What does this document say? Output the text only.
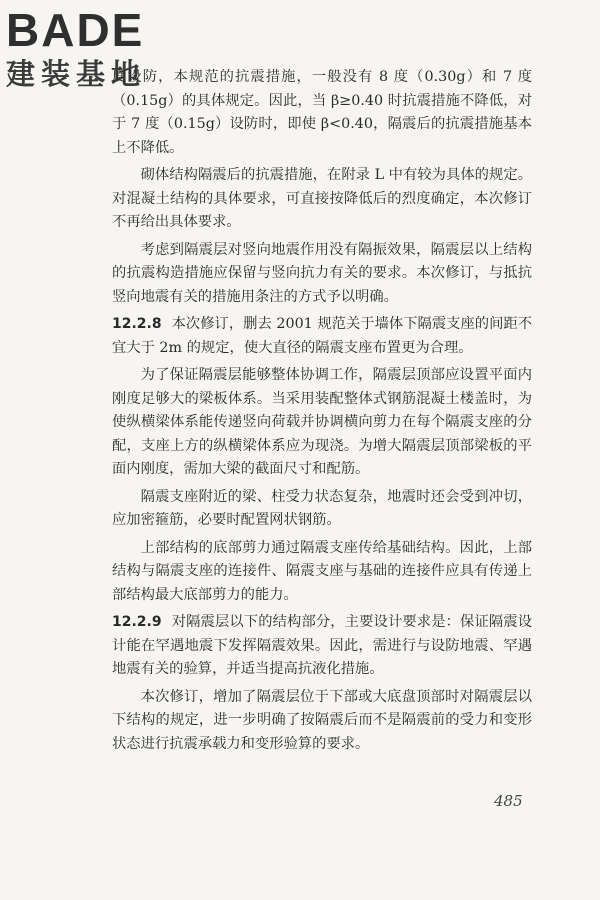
BADE
建装基地

度设防，本规范的抗震措施，一般没有 8 度（0.30g）和 7 度（0.15g）的具体规定。因此，当 β≥0.40 时抗震措施不降低，对于 7 度（0.15g）设防时，即使 β<0.40，隔震后的抗震措施基本上不降低。

砌体结构隔震后的抗震措施，在附录 L 中有较为具体的规定。对混凝土结构的具体要求，可直接按降低后的烈度确定，本次修订不再给出具体要求。

考虑到隔震层对竖向地震作用没有隔振效果，隔震层以上结构的抗震构造措施应保留与竖向抗力有关的要求。本次修订，与抵抗竖向地震有关的措施用条注的方式予以明确。

12.2.8 本次修订，删去 2001 规范关于墙体下隔震支座的间距不宜大于 2m 的规定，使大直径的隔震支座布置更为合理。

为了保证隔震层能够整体协调工作，隔震层顶部应设置平面内刚度足够大的梁板体系。当采用装配整体式钢筋混凝土楼盖时，为使纵横梁体系能传递竖向荷载并协调横向剪力在每个隔震支座的分配，支座上方的纵横梁体系应为现浇。为增大隔震层顶部梁板的平面内刚度，需加大梁的截面尺寸和配筋。

隔震支座附近的梁、柱受力状态复杂，地震时还会受到冲切，应加密箍筋，必要时配置网状钢筋。

上部结构的底部剪力通过隔震支座传给基础结构。因此，上部结构与隔震支座的连接件、隔震支座与基础的连接件应具有传递上部结构最大底部剪力的能力。

12.2.9 对隔震层以下的结构部分，主要设计要求是：保证隔震设计能在罕遇地震下发挥隔震效果。因此，需进行与设防地震、罕遇地震有关的验算，并适当提高抗液化措施。

本次修订，增加了隔震层位于下部或大底盘顶部时对隔震层以下结构的规定，进一步明确了按隔震后而不是隔震前的受力和变形状态进行抗震承载力和变形验算的要求。

485
